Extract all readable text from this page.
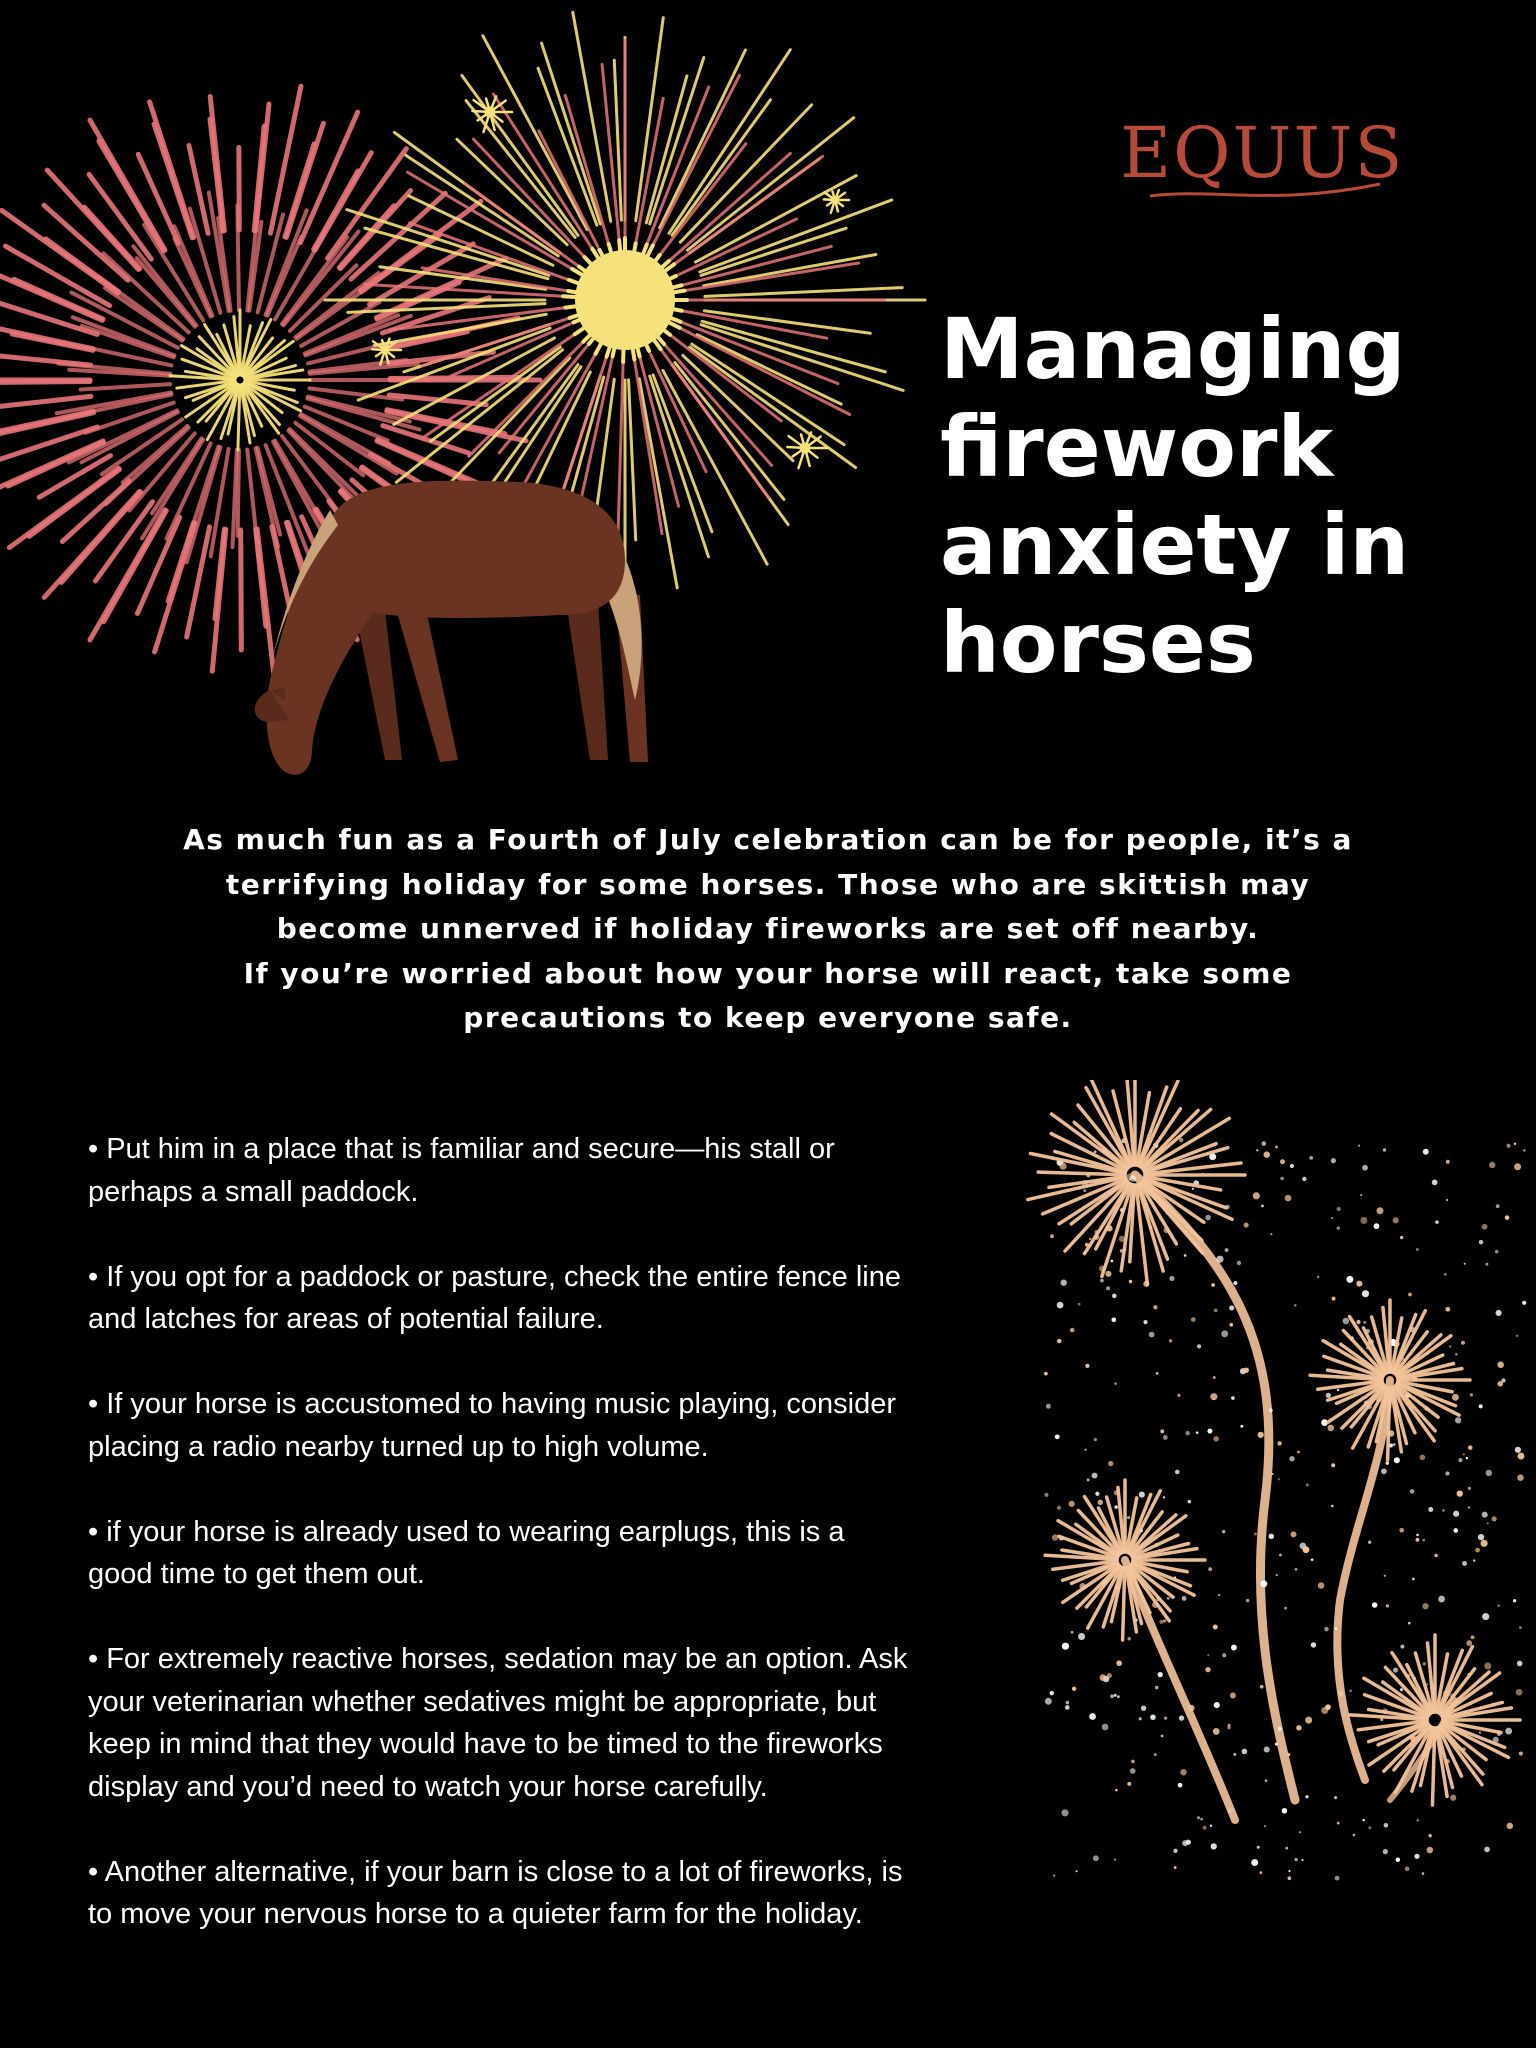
EQUUS
Managing
firework
anxiety in
horses
As much fun as a Fourth of July celebration can be for people, it’s a
terrifying holiday for some horses. Those who are skittish may
become unnerved if holiday fireworks are set off nearby.
If you’re worried about how your horse will react, take some
precautions to keep everyone safe.
• Put him in a place that is familiar and secure—his stall or
perhaps a small paddock.
• If you opt for a paddock or pasture, check the entire fence line
and latches for areas of potential failure.
• If your horse is accustomed to having music playing, consider
placing a radio nearby turned up to high volume.
• if your horse is already used to wearing earplugs, this is a
good time to get them out.
• For extremely reactive horses, sedation may be an option. Ask
your veterinarian whether sedatives might be appropriate, but
keep in mind that they would have to be timed to the fireworks
display and you’d need to watch your horse carefully.
• Another alternative, if your barn is close to a lot of fireworks, is
to move your nervous horse to a quieter farm for the holiday.
